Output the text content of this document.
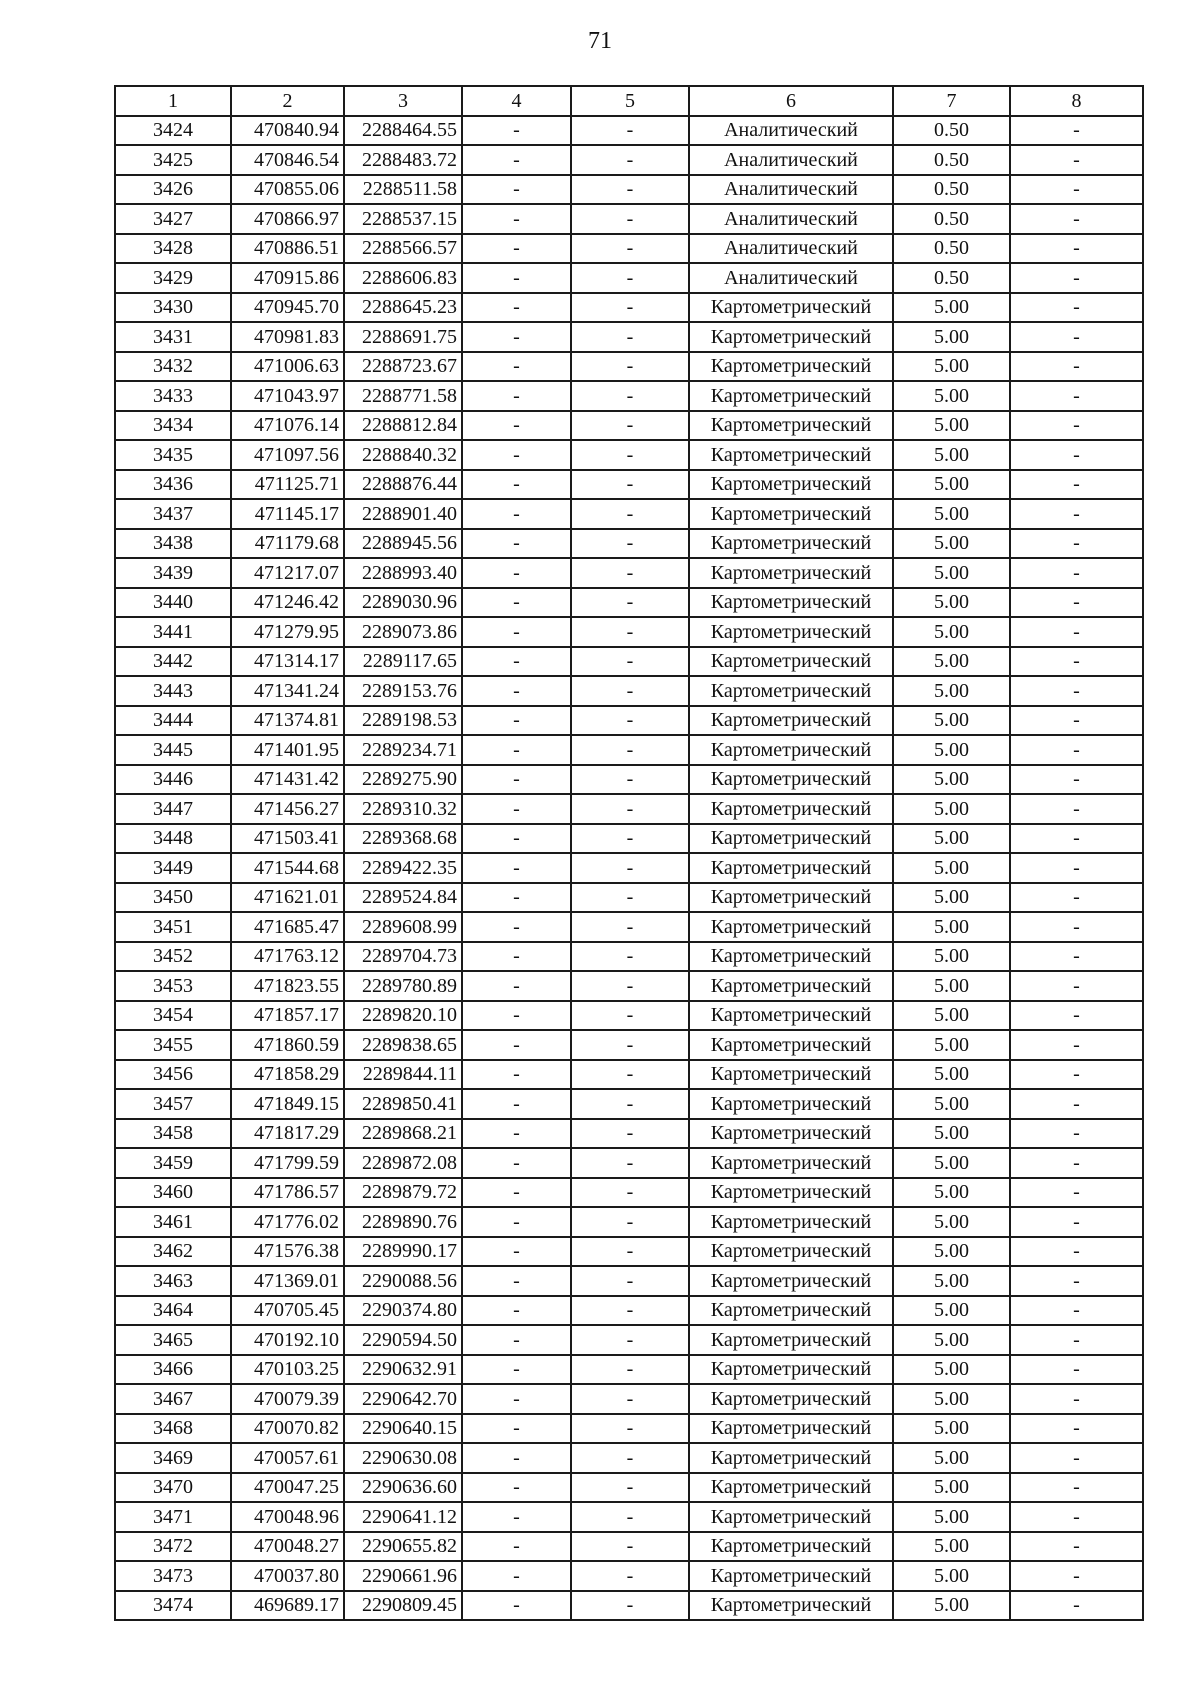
71
1	2	3	4	5	6	7	8
3424	470840.94	2288464.55	-	-	Аналитический	0.50	-
3425	470846.54	2288483.72	-	-	Аналитический	0.50	-
3426	470855.06	2288511.58	-	-	Аналитический	0.50	-
3427	470866.97	2288537.15	-	-	Аналитический	0.50	-
3428	470886.51	2288566.57	-	-	Аналитический	0.50	-
3429	470915.86	2288606.83	-	-	Аналитический	0.50	-
3430	470945.70	2288645.23	-	-	Картометрический	5.00	-
3431	470981.83	2288691.75	-	-	Картометрический	5.00	-
3432	471006.63	2288723.67	-	-	Картометрический	5.00	-
3433	471043.97	2288771.58	-	-	Картометрический	5.00	-
3434	471076.14	2288812.84	-	-	Картометрический	5.00	-
3435	471097.56	2288840.32	-	-	Картометрический	5.00	-
3436	471125.71	2288876.44	-	-	Картометрический	5.00	-
3437	471145.17	2288901.40	-	-	Картометрический	5.00	-
3438	471179.68	2288945.56	-	-	Картометрический	5.00	-
3439	471217.07	2288993.40	-	-	Картометрический	5.00	-
3440	471246.42	2289030.96	-	-	Картометрический	5.00	-
3441	471279.95	2289073.86	-	-	Картометрический	5.00	-
3442	471314.17	2289117.65	-	-	Картометрический	5.00	-
3443	471341.24	2289153.76	-	-	Картометрический	5.00	-
3444	471374.81	2289198.53	-	-	Картометрический	5.00	-
3445	471401.95	2289234.71	-	-	Картометрический	5.00	-
3446	471431.42	2289275.90	-	-	Картометрический	5.00	-
3447	471456.27	2289310.32	-	-	Картометрический	5.00	-
3448	471503.41	2289368.68	-	-	Картометрический	5.00	-
3449	471544.68	2289422.35	-	-	Картометрический	5.00	-
3450	471621.01	2289524.84	-	-	Картометрический	5.00	-
3451	471685.47	2289608.99	-	-	Картометрический	5.00	-
3452	471763.12	2289704.73	-	-	Картометрический	5.00	-
3453	471823.55	2289780.89	-	-	Картометрический	5.00	-
3454	471857.17	2289820.10	-	-	Картометрический	5.00	-
3455	471860.59	2289838.65	-	-	Картометрический	5.00	-
3456	471858.29	2289844.11	-	-	Картометрический	5.00	-
3457	471849.15	2289850.41	-	-	Картометрический	5.00	-
3458	471817.29	2289868.21	-	-	Картометрический	5.00	-
3459	471799.59	2289872.08	-	-	Картометрический	5.00	-
3460	471786.57	2289879.72	-	-	Картометрический	5.00	-
3461	471776.02	2289890.76	-	-	Картометрический	5.00	-
3462	471576.38	2289990.17	-	-	Картометрический	5.00	-
3463	471369.01	2290088.56	-	-	Картометрический	5.00	-
3464	470705.45	2290374.80	-	-	Картометрический	5.00	-
3465	470192.10	2290594.50	-	-	Картометрический	5.00	-
3466	470103.25	2290632.91	-	-	Картометрический	5.00	-
3467	470079.39	2290642.70	-	-	Картометрический	5.00	-
3468	470070.82	2290640.15	-	-	Картометрический	5.00	-
3469	470057.61	2290630.08	-	-	Картометрический	5.00	-
3470	470047.25	2290636.60	-	-	Картометрический	5.00	-
3471	470048.96	2290641.12	-	-	Картометрический	5.00	-
3472	470048.27	2290655.82	-	-	Картометрический	5.00	-
3473	470037.80	2290661.96	-	-	Картометрический	5.00	-
3474	469689.17	2290809.45	-	-	Картометрический	5.00	-
